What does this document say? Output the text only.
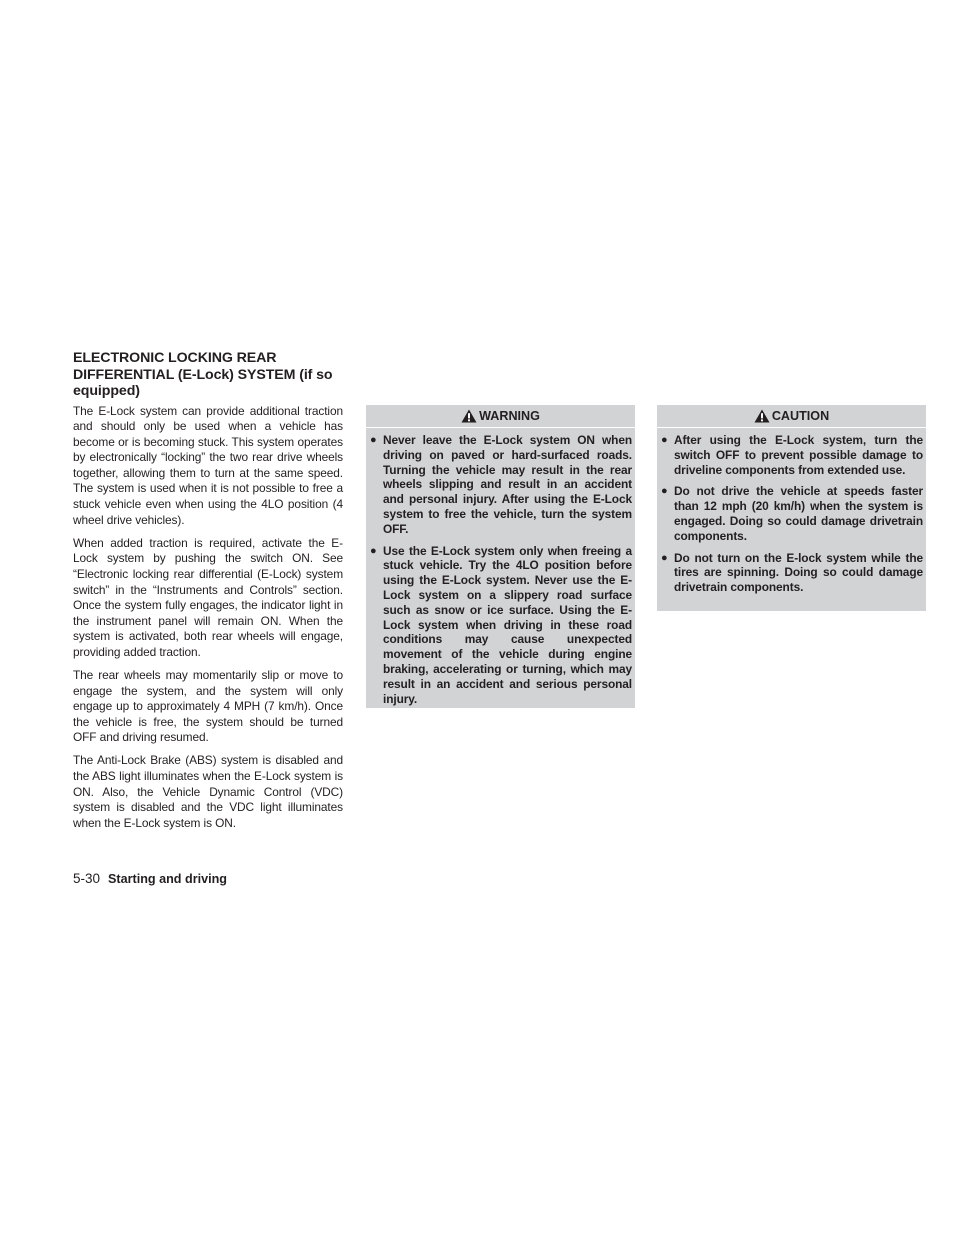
ELECTRONIC LOCKING REAR DIFFERENTIAL (E-Lock) SYSTEM (if so equipped)

The E-Lock system can provide additional traction and should only be used when a vehicle has become or is becoming stuck. This system operates by electronically “locking” the two rear drive wheels together, allowing them to turn at the same speed. The system is used when it is not possible to free a stuck vehicle even when using the 4LO position (4 wheel drive vehicles).

When added traction is required, activate the E-Lock system by pushing the switch ON. See “Electronic locking rear differential (E-Lock) system switch” in the “Instruments and Controls” section. Once the system fully engages, the indicator light in the instrument panel will remain ON. When the system is activated, both rear wheels will engage, providing added traction.

The rear wheels may momentarily slip or move to engage the system, and the system will only engage up to approximately 4 MPH (7 km/h). Once the vehicle is free, the system should be turned OFF and driving resumed.

The Anti-Lock Brake (ABS) system is disabled and the ABS light illuminates when the E-Lock system is ON. Also, the Vehicle Dynamic Control (VDC) system is disabled and the VDC light illuminates when the E-Lock system is ON.

WARNING
● Never leave the E-Lock system ON when driving on paved or hard-surfaced roads. Turning the vehicle may result in the rear wheels slipping and result in an accident and personal injury. After using the E-Lock system to free the vehicle, turn the system OFF.
● Use the E-Lock system only when freeing a stuck vehicle. Try the 4LO position before using the E-Lock system. Never use the E-Lock system on a slippery road surface such as snow or ice surface. Using the E-Lock system when driving in these road conditions may cause unexpected movement of the vehicle during engine braking, accelerating or turning, which may result in an accident and serious personal injury.
CAUTION
● After using the E-Lock system, turn the switch OFF to prevent possible damage to driveline components from extended use.
● Do not drive the vehicle at speeds faster than 12 mph (20 km/h) when the system is engaged. Doing so could damage drivetrain components.
● Do not turn on the E-lock system while the tires are spinning. Doing so could damage drivetrain components.
5-30 Starting and driving
